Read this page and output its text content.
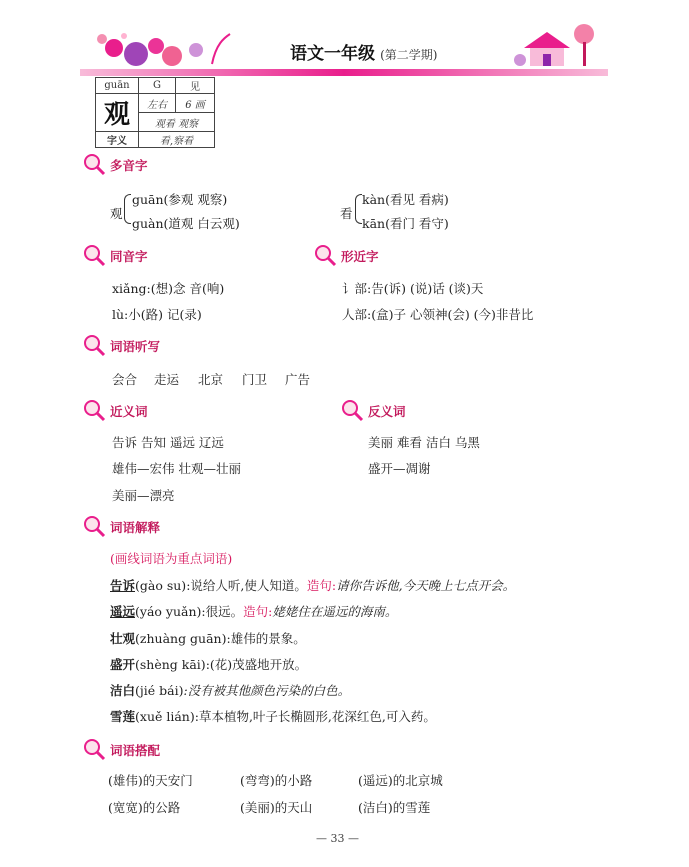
语文一年级 (第二学期)
guān	G	见
观	左右	6 画
	观看 观察	
字义	看,察看	
多音字
观
guān(参观 观察)
guàn(道观 白云观)
看
kàn(看见 看病)
kān(看门 看守)
同音字
xiǎng:(想)念 音(响)
lù:小(路) 记(录)
形近字
讠部:告(诉) (说)话 (谈)天
人部:(盒)子 心领神(会) (今)非昔比
词语听写
会合 走运 北京 门卫 广告
近义词
告诉 告知 遥远 辽远
雄伟—宏伟 壮观—壮丽
美丽—漂亮
反义词
美丽 难看 洁白 乌黑
盛开—凋谢
词语解释
(画线词语为重点词语)
告诉(gào su):说给人听,使人知道。造句:请你告诉他,今天晚上七点开会。
遥远(yáo yuǎn):很远。造句:姥姥住在遥远的海南。
壮观(zhuàng guān):雄伟的景象。
盛开(shèng kāi):(花)茂盛地开放。
洁白(jié bái):没有被其他颜色污染的白色。
雪莲(xuě lián):草本植物,叶子长椭圆形,花深红色,可入药。
词语搭配
(雄伟)的天安门	(弯弯)的小路	(遥远)的北京城
(宽宽)的公路	(美丽)的天山	(洁白)的雪莲
— 33 —
